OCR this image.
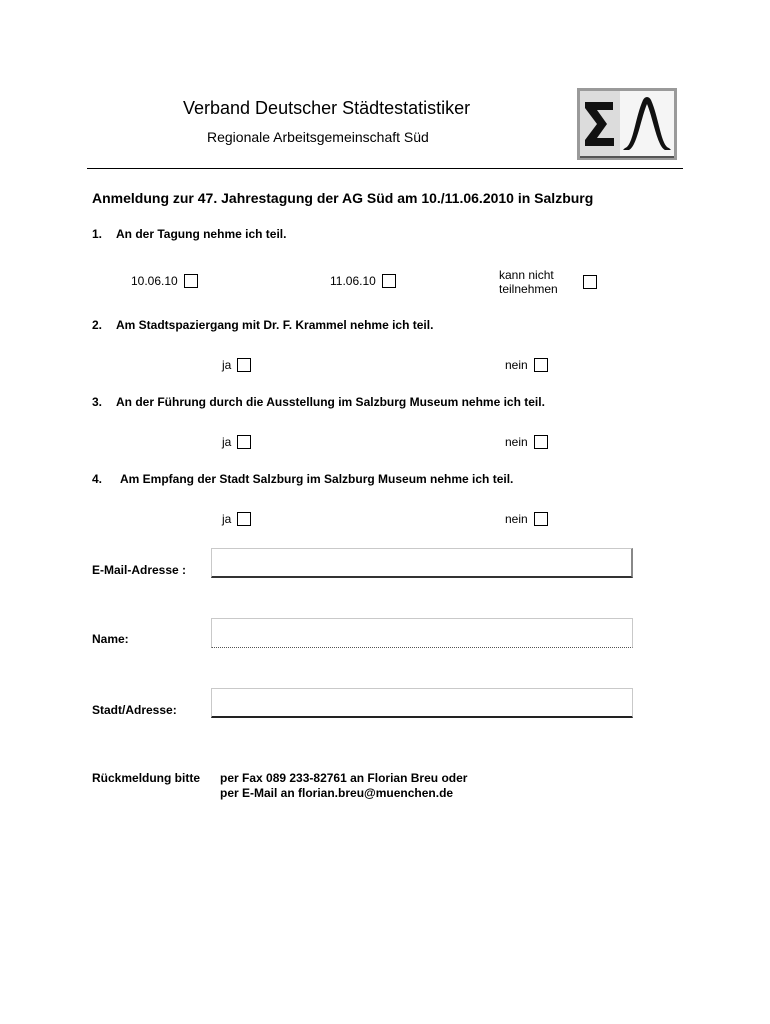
Verband Deutscher Städtestatistiker
Regionale Arbeitsgemeinschaft Süd
Anmeldung zur 47. Jahrestagung der AG Süd am 10./11.06.2010 in Salzburg
1. An der Tagung nehme ich teil.
10.06.10	11.06.10	kann nicht
teilnehmen
2. Am Stadtspaziergang mit Dr. F. Krammel nehme ich teil.
ja	nein
3. An der Führung durch die Ausstellung im Salzburg Museum nehme ich teil.
ja	nein
4. Am Empfang der Stadt Salzburg im Salzburg Museum nehme ich teil.
ja	nein
E-Mail-Adresse :
Name:
Stadt/Adresse:
Rückmeldung bitte per Fax 089 233-82761 an Florian Breu oder
per E-Mail an florian.breu@muenchen.de
